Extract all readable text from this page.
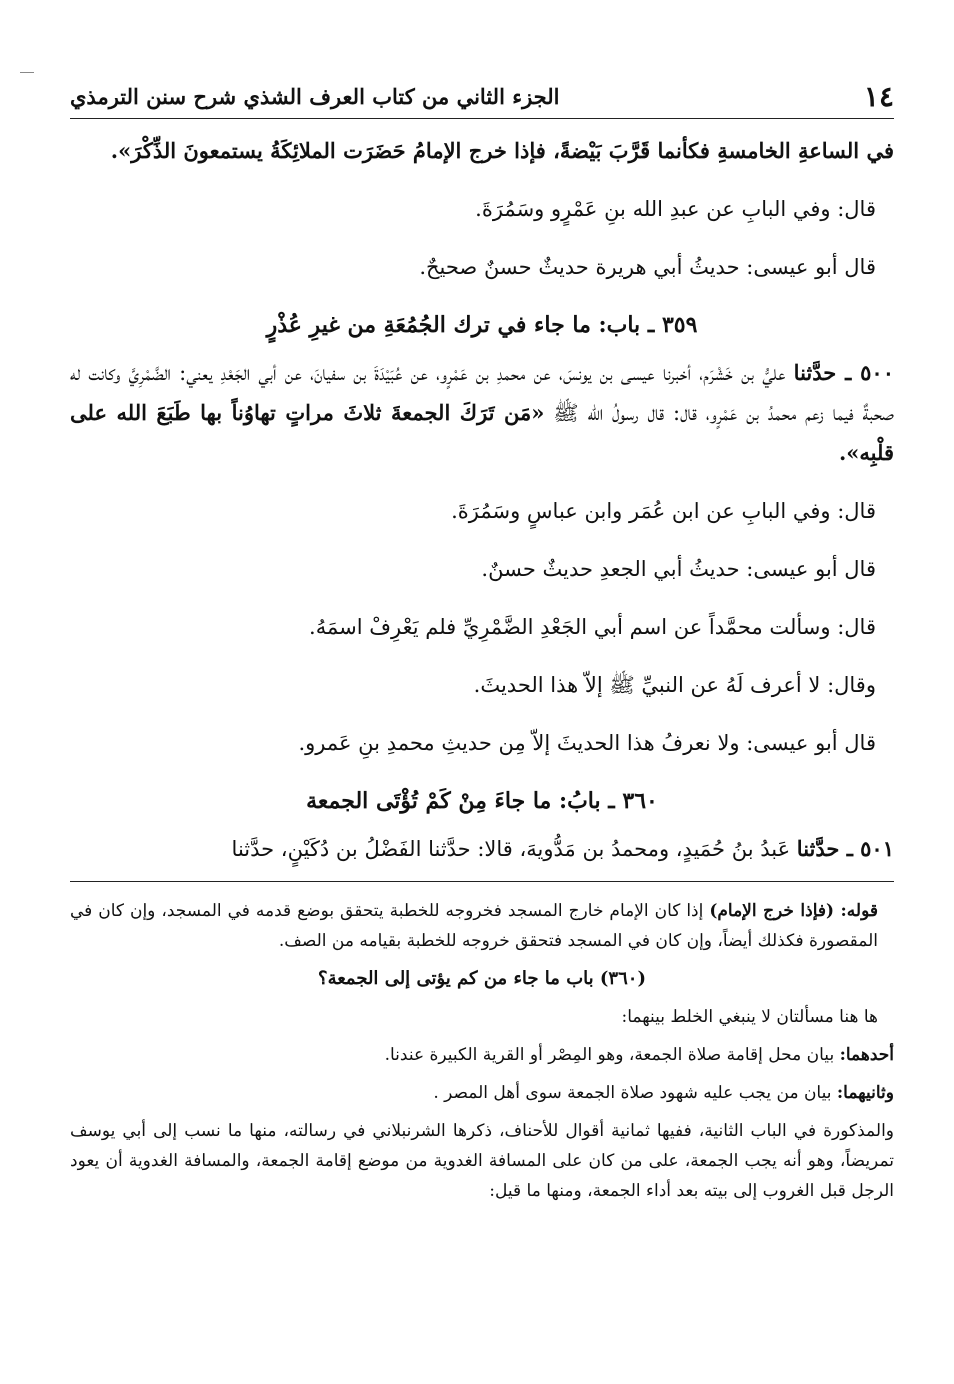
١٤
الجزء الثاني من كتاب العرف الشذي شرح سنن الترمذي

في الساعةِ الخامسةِ فكأنما قَرَّبَ بَيْضةً، فإذا خرج الإمامُ حَضَرَت الملائِكَةُ يستمعونَ الذِّكْرَ».

قال: وفي البابِ عن عبدِ الله بنِ عَمْرٍو وسَمُرَةَ.

قال أبو عيسى: حديثُ أبي هريرة حديثٌ حسنٌ صحيحٌ.

٣٥٩ ـ باب: ما جاء في ترك الجُمُعَةِ من غيرِ عُذْرٍ

٥٠٠ ـ حدَّثنا عليُّ بن خَشْرَم، أخبرنا عيسى بن يونسَ، عن محمدِ بن عَمْرٍو، عن عُبَيْدَةَ بن سفيانَ، عن أبي الجَعْدِ يعني: الضَّمْرِيَّ وكانت له صحبةٌ فيما زعم محمدُ بن عَمْرٍو، قال: قال رسولُ الله ﷺ «مَن تَرَكَ الجمعةَ ثلاثَ مراتٍ تهاوُناً بها طَبَعَ الله على قلْبِه».

قال: وفي البابِ عن ابن عُمَر وابن عباسٍ وسَمُرَةَ.

قال أبو عيسى: حديثُ أبي الجعدِ حديثٌ حسنٌ.

قال: وسألت محمَّداً عن اسم أبي الجَعْدِ الضَّمْرِيِّ فلم يَعْرِفْ اسمَهُ.

وقال: لا أعرف لَهُ عن النبيِّ ﷺ إلاّ هذا الحديثَ.

قال أبو عيسى: ولا نعرفُ هذا الحديثَ إلاّ مِن حديثِ محمدِ بنِ عَمرو.

٣٦٠ ـ بابُ: ما جاءَ مِنْ كَمْ تُؤْتَى الجمعة

٥٠١ ـ حدَّثنا عَبدُ بنُ حُمَيدٍ، ومحمدُ بن مَدُّويهَ، قالا: حدَّثنا الفَضْلُ بن دُكَيْنٍ، حدَّثنا

قوله: (فإذا خرج الإمام) إذا كان الإمام خارج المسجد فخروجه للخطبة يتحقق بوضع قدمه في المسجد، وإن كان في المقصورة فكذلك أيضاً، وإن كان في المسجد فتحقق خروجه للخطبة بقيامه من الصف.

(٣٦٠) باب ما جاء من كم يؤتى إلى الجمعة؟

ها هنا مسألتان لا ينبغي الخلط بينهما:

أحدهما: بيان محل إقامة صلاة الجمعة، وهو المِصْر أو القرية الكبيرة عندنا.

وثانيهما: بيان من يجب عليه شهود صلاة الجمعة سوى أهل المصر .

والمذكورة في الباب الثانية، ففيها ثمانية أقوال للأحناف، ذكرها الشرنبلاني في رسالته، منها ما نسب إلى أبي يوسف تمريضاً، وهو أنه يجب الجمعة، على من كان على المسافة الغدوية من موضع إقامة الجمعة، والمسافة الغدوية أن يعود الرجل قبل الغروب إلى بيته بعد أداء الجمعة، ومنها ما قيل:
